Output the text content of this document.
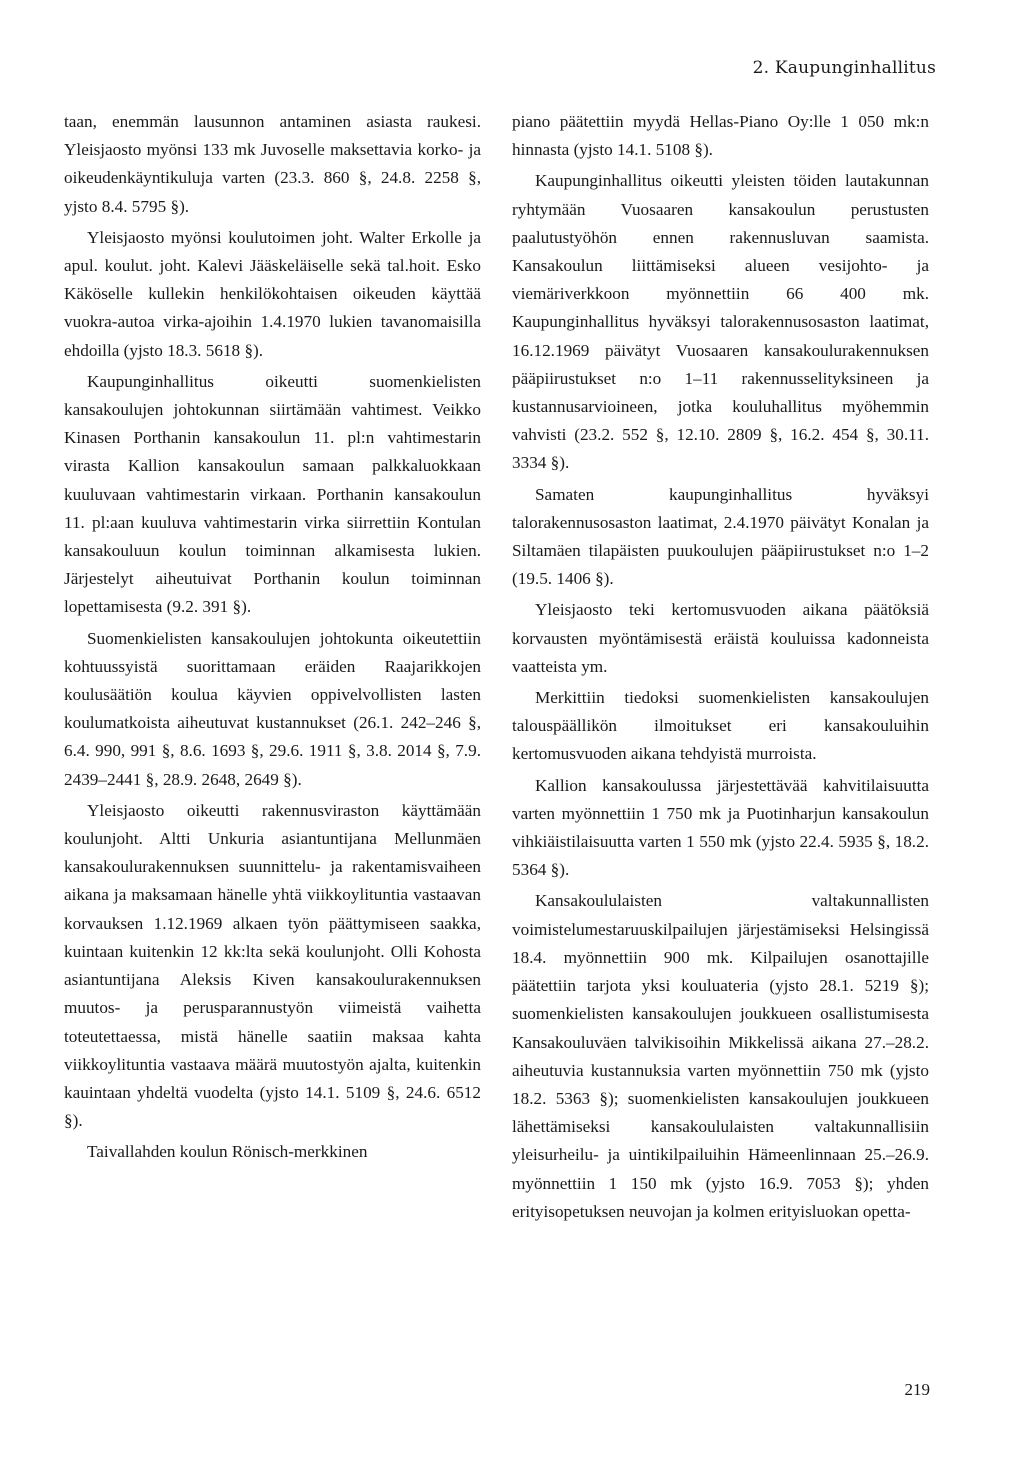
2. Kaupunginhallitus

taan, enemmän lausunnon antaminen asiasta raukesi. Yleisjaosto myönsi 133 mk Juvoselle maksettavia korko- ja oikeudenkäyntikuluja varten (23.3. 860 §, 24.8. 2258 §, yjsto 8.4. 5795 §).

Yleisjaosto myönsi koulutoimen joht. Walter Erkolle ja apul. koulut. joht. Kalevi Jääskeläiselle sekä tal.hoit. Esko Käköselle kullekin henkilökohtaisen oikeuden käyttää vuokra-autoa virka-ajoihin 1.4.1970 lukien tavanomaisilla ehdoilla (yjsto 18.3. 5618 §).

Kaupunginhallitus oikeutti suomenkielisten kansakoulujen johtokunnan siirtämään vahtimest. Veikko Kinasen Porthanin kansakoulun 11. pl:n vahtimestarin virasta Kallion kansakoulun samaan palkkaluokkaan kuuluvaan vahtimestarin virkaan. Porthanin kansakoulun 11. pl:aan kuuluva vahtimestarin virka siirrettiin Kontulan kansakouluun koulun toiminnan alkamisesta lukien. Järjestelyt aiheutuivat Porthanin koulun toiminnan lopettamisesta (9.2. 391 §).

Suomenkielisten kansakoulujen johtokunta oikeutettiin kohtuussyistä suorittamaan eräiden Raajarikkojen koulusäätiön koulua käyvien oppivelvollisten lasten koulumatkoista aiheutuvat kustannukset (26.1. 242–246 §, 6.4. 990, 991 §, 8.6. 1693 §, 29.6. 1911 §, 3.8. 2014 §, 7.9. 2439–2441 §, 28.9. 2648, 2649 §).

Yleisjaosto oikeutti rakennusviraston käyttämään koulunjoht. Altti Unkuria asiantuntijana Mellunmäen kansakoulurakennuksen suunnittelu- ja rakentamisvaiheen aikana ja maksamaan hänelle yhtä viikkoylituntia vastaavan korvauksen 1.12.1969 alkaen työn päättymiseen saakka, kuintaan kuitenkin 12 kk:lta sekä koulunjoht. Olli Kohosta asiantuntijana Aleksis Kiven kansakoulurakennuksen muutos- ja perusparannustyön viimeistä vaihetta toteutettaessa, mistä hänelle saatiin maksaa kahta viikkoylituntia vastaava määrä muutostyön ajalta, kuitenkin kauintaan yhdeltä vuodelta (yjsto 14.1. 5109 §, 24.6. 6512 §).

Taivallahden koulun Rönisch-merkkinen

piano päätettiin myydä Hellas-Piano Oy:lle 1 050 mk:n hinnasta (yjsto 14.1. 5108 §).

Kaupunginhallitus oikeutti yleisten töiden lautakunnan ryhtymään Vuosaaren kansakoulun perustusten paalutustyöhön ennen rakennusluvan saamista. Kansakoulun liittämiseksi alueen vesijohto- ja viemäriverkkoon myönnettiin 66 400 mk. Kaupunginhallitus hyväksyi talorakennusosaston laatimat, 16.12.1969 päivätyt Vuosaaren kansakoulurakennuksen pääpiirustukset n:o 1–11 rakennusselityksineen ja kustannusarvioineen, jotka kouluhallitus myöhemmin vahvisti (23.2. 552 §, 12.10. 2809 §, 16.2. 454 §, 30.11. 3334 §).

Samaten kaupunginhallitus hyväksyi talorakennusosaston laatimat, 2.4.1970 päivätyt Konalan ja Siltamäen tilapäisten puukoulujen pääpiirustukset n:o 1–2 (19.5. 1406 §).

Yleisjaosto teki kertomusvuoden aikana päätöksiä korvausten myöntämisestä eräistä kouluissa kadonneista vaatteista ym.

Merkittiin tiedoksi suomenkielisten kansakoulujen talouspäällikön ilmoitukset eri kansakouluihin kertomusvuoden aikana tehdyistä murroista.

Kallion kansakoulussa järjestettävää kahvitilaisuutta varten myönnettiin 1 750 mk ja Puotinharjun kansakoulun vihkiäistilaisuutta varten 1 550 mk (yjsto 22.4. 5935 §, 18.2. 5364 §).

Kansakoululaisten valtakunnallisten voimistelumestaruuskilpailujen järjestämiseksi Helsingissä 18.4. myönnettiin 900 mk. Kilpailujen osanottajille päätettiin tarjota yksi kouluateria (yjsto 28.1. 5219 §); suomenkielisten kansakoulujen joukkueen osallistumisesta Kansakouluväen talvikisoihin Mikkelissä aikana 27.–28.2. aiheutuvia kustannuksia varten myönnettiin 750 mk (yjsto 18.2. 5363 §); suomenkielisten kansakoulujen joukkueen lähettämiseksi kansakoululaisten valtakunnallisiin yleisurheilu- ja uintikilpailuihin Hämeenlinnaan 25.–26.9. myönnettiin 1 150 mk (yjsto 16.9. 7053 §); yhden erityisopetuksen neuvojan ja kolmen erityisluokan opetta-

219
